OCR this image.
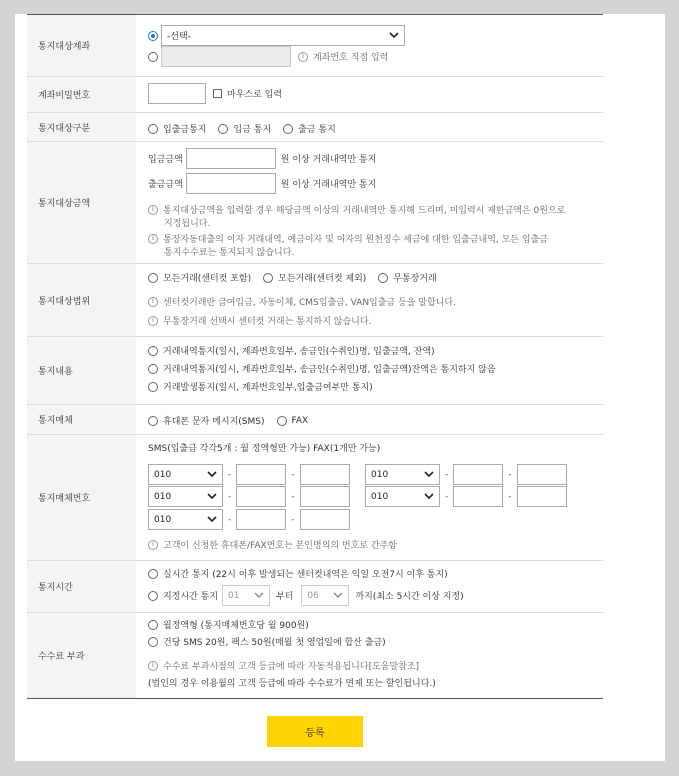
통지대상계좌
-선택-
i	계좌번호 직접 입력
계좌비밀번호	마우스로 입력
통지대상구분	입출금통지	입금 통지	출금 통지
통지대상금액
입금금액	원 이상 거래내역만 통지
출금금액	원 이상 거래내역만 통지
i	통지대상금액을 입력할 경우 해당금액 이상의 거래내역만 통지해 드리며, 미입력시 제한금액은 0원으로
지정됩니다.
i	통장자동대출의 이자 거래내역, 예금이자 및 이자의 원천징수 세금에 대한 입출금내역, 모든 입출금
통지수수료는 통지되지 않습니다.
통지대상범위
모든거래(센터컷 포함)	모든거래(센터컷 제외)	무통장거래
i	센터컷거래란 급여입금, 자동이체, CMS입출금, VAN입출금 등을 말합니다.
i	무통장거래 선택시 센터컷 거래는 통지하지 않습니다.
통지내용
거래내역통지(일시, 계좌번호일부, 송금인(수취인)명, 입출금액, 잔액)
거래내역통지(일시, 계좌번호일부, 송금인(수취인)명, 입출금액)잔액은 통지하지 않음
거래발생통지(일시, 계좌번호일부,입출금여부만 통지)
통지매체	휴대폰 문자 메시지(SMS)	FAX
통지매체번호
SMS(입출금 각각5개 : 월 정액형만 가능) FAX(1개만 가능)
010	-	-
010	-	-
010	-	-
010	-	-
010	-	-
i	고객이 신청한 휴대폰/FAX번호는 본인명의의 번호로 간주함
통지시간
실시간 통지 (22시 이후 발생되는 센터컷내역은 익일 오전7시 이후 통지)
지정시간 통지 01	부터 06	까지(최소 5시간 이상 지정)
수수료 부과
월정액형 (통지매체번호당 월 900원)
건당 SMS 20원, 팩스 50원(매월 첫 영업일에 합산 출금)
i	수수료 부과시점의 고객 등급에 따라 자동적용됩니다[도움말참조]
(법인의 경우 이용월의 고객 등급에 따라 수수료가 면제 또는 할인됩니다.)
등록
